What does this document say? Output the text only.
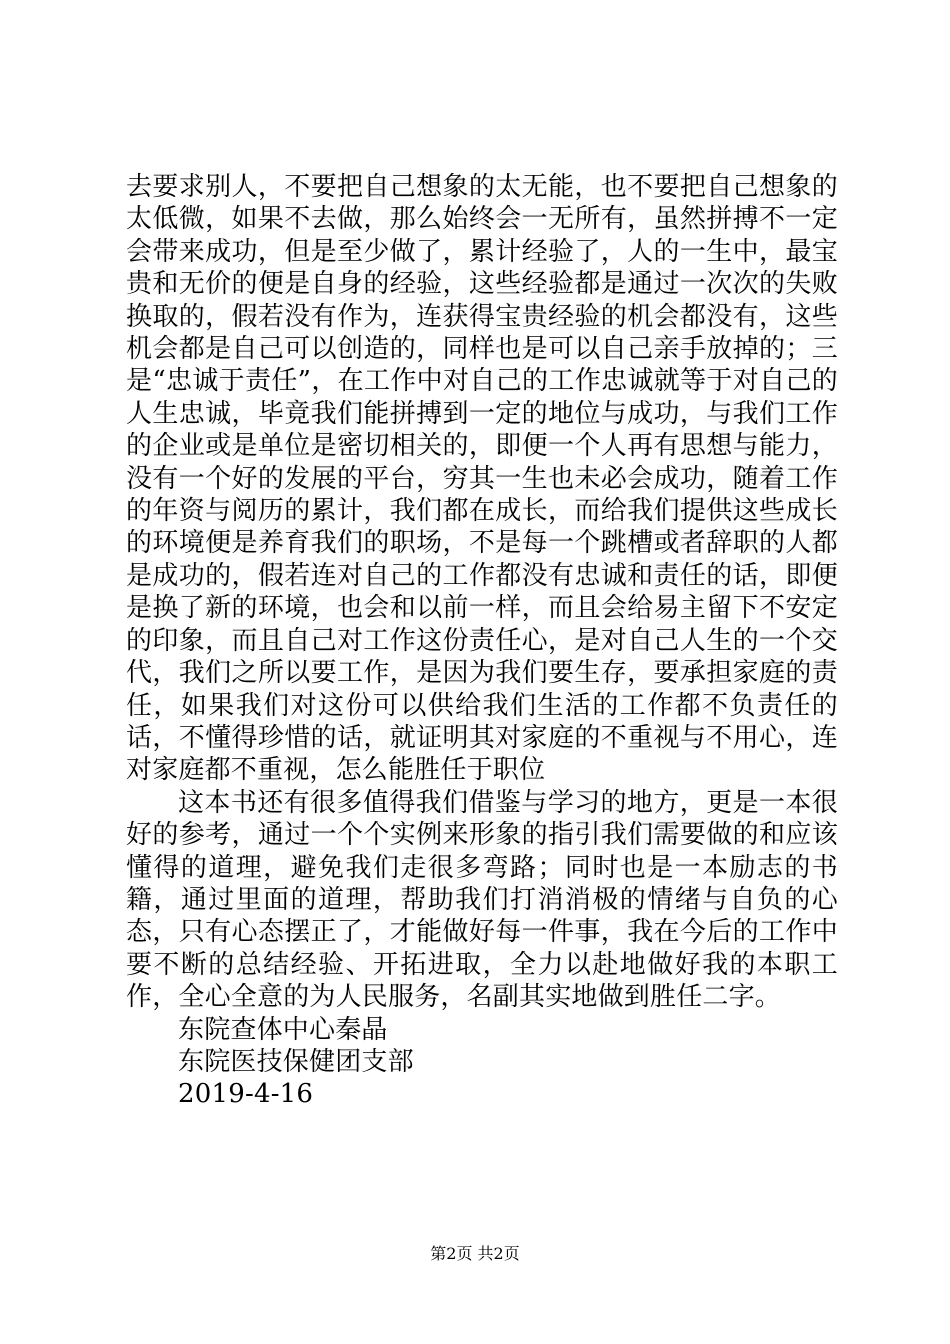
去要求别人，不要把自己想象的太无能，也不要把自己想象的太低微，如果不去做，那么始终会一无所有，虽然拼搏不一定会带来成功，但是至少做了，累计经验了，人的一生中，最宝贵和无价的便是自身的经验，这些经验都是通过一次次的失败换取的，假若没有作为，连获得宝贵经验的机会都没有，这些机会都是自己可以创造的，同样也是可以自己亲手放掉的；三是“忠诚于责任”，在工作中对自己的工作忠诚就等于对自己的人生忠诚，毕竟我们能拼搏到一定的地位与成功，与我们工作的企业或是单位是密切相关的，即便一个人再有思想与能力，没有一个好的发展的平台，穷其一生也未必会成功，随着工作的年资与阅历的累计，我们都在成长，而给我们提供这些成长的环境便是养育我们的职场，不是每一个跳槽或者辞职的人都是成功的，假若连对自己的工作都没有忠诚和责任的话，即便是换了新的环境，也会和以前一样，而且会给易主留下不安定的印象，而且自己对工作这份责任心，是对自己人生的一个交代，我们之所以要工作，是因为我们要生存，要承担家庭的责任，如果我们对这份可以供给我们生活的工作都不负责任的话，不懂得珍惜的话，就证明其对家庭的不重视与不用心，连对家庭都不重视，怎么能胜任于职位

这本书还有很多值得我们借鉴与学习的地方，更是一本很好的参考，通过一个个实例来形象的指引我们需要做的和应该懂得的道理，避免我们走很多弯路；同时也是一本励志的书籍，通过里面的道理，帮助我们打消消极的情绪与自负的心态，只有心态摆正了，才能做好每一件事，我在今后的工作中要不断的总结经验、开拓进取，全力以赴地做好我的本职工作，全心全意的为人民服务，名副其实地做到胜任二字。

东院查体中心秦晶

东院医技保健团支部

2019-4-16

第2页 共2页
